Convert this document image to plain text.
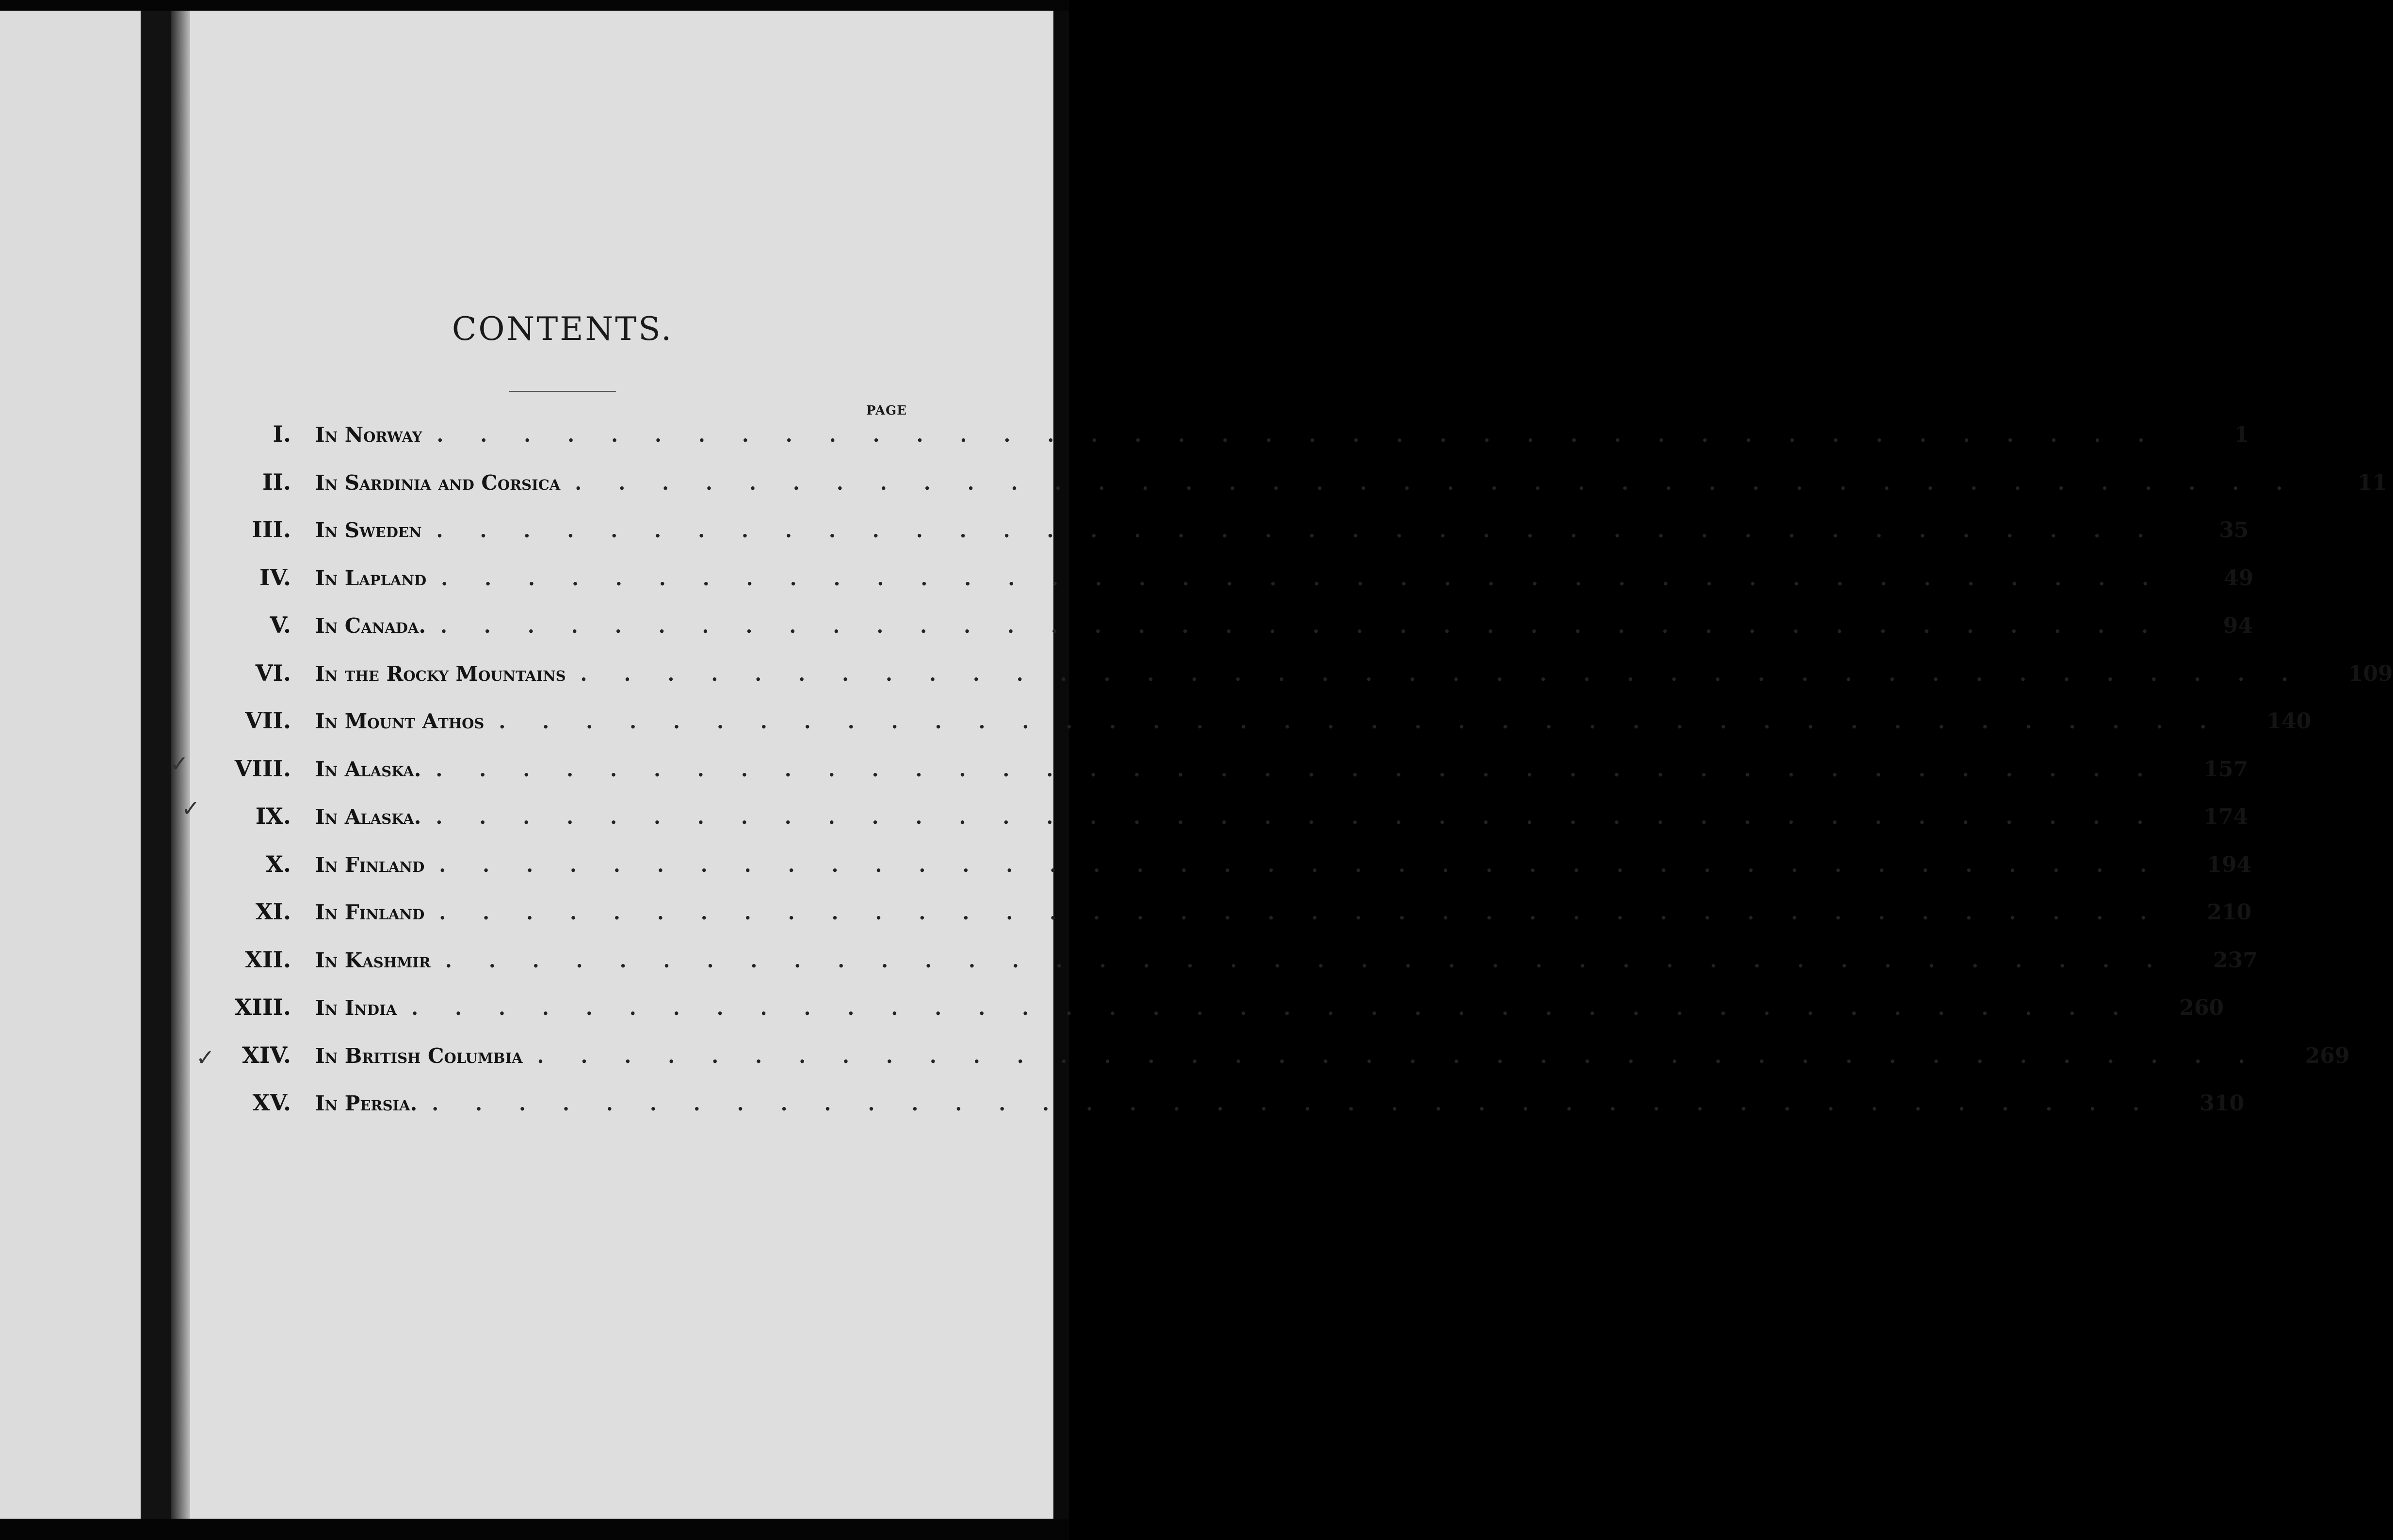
CONTENTS.
PAGE
I.	In Norway ........................................	1
II.	In Sardinia and Corsica ........................................	11
III.	In Sweden ........................................	35
IV.	In Lapland ........................................	49
V.	In Canada. ........................................	94
VI.	In the Rocky Mountains ........................................	109
VII.	In Mount Athos ........................................	140
VIII.	In Alaska. ........................................	157
IX.	In Alaska. ........................................	174
X.	In Finland ........................................	194
XI.	In Finland ........................................	210
XII.	In Kashmir ........................................	237
XIII.	In India ........................................	260
XIV.	In British Columbia ........................................	269
XV.	In Persia. ........................................	310
✓
✓
✓
